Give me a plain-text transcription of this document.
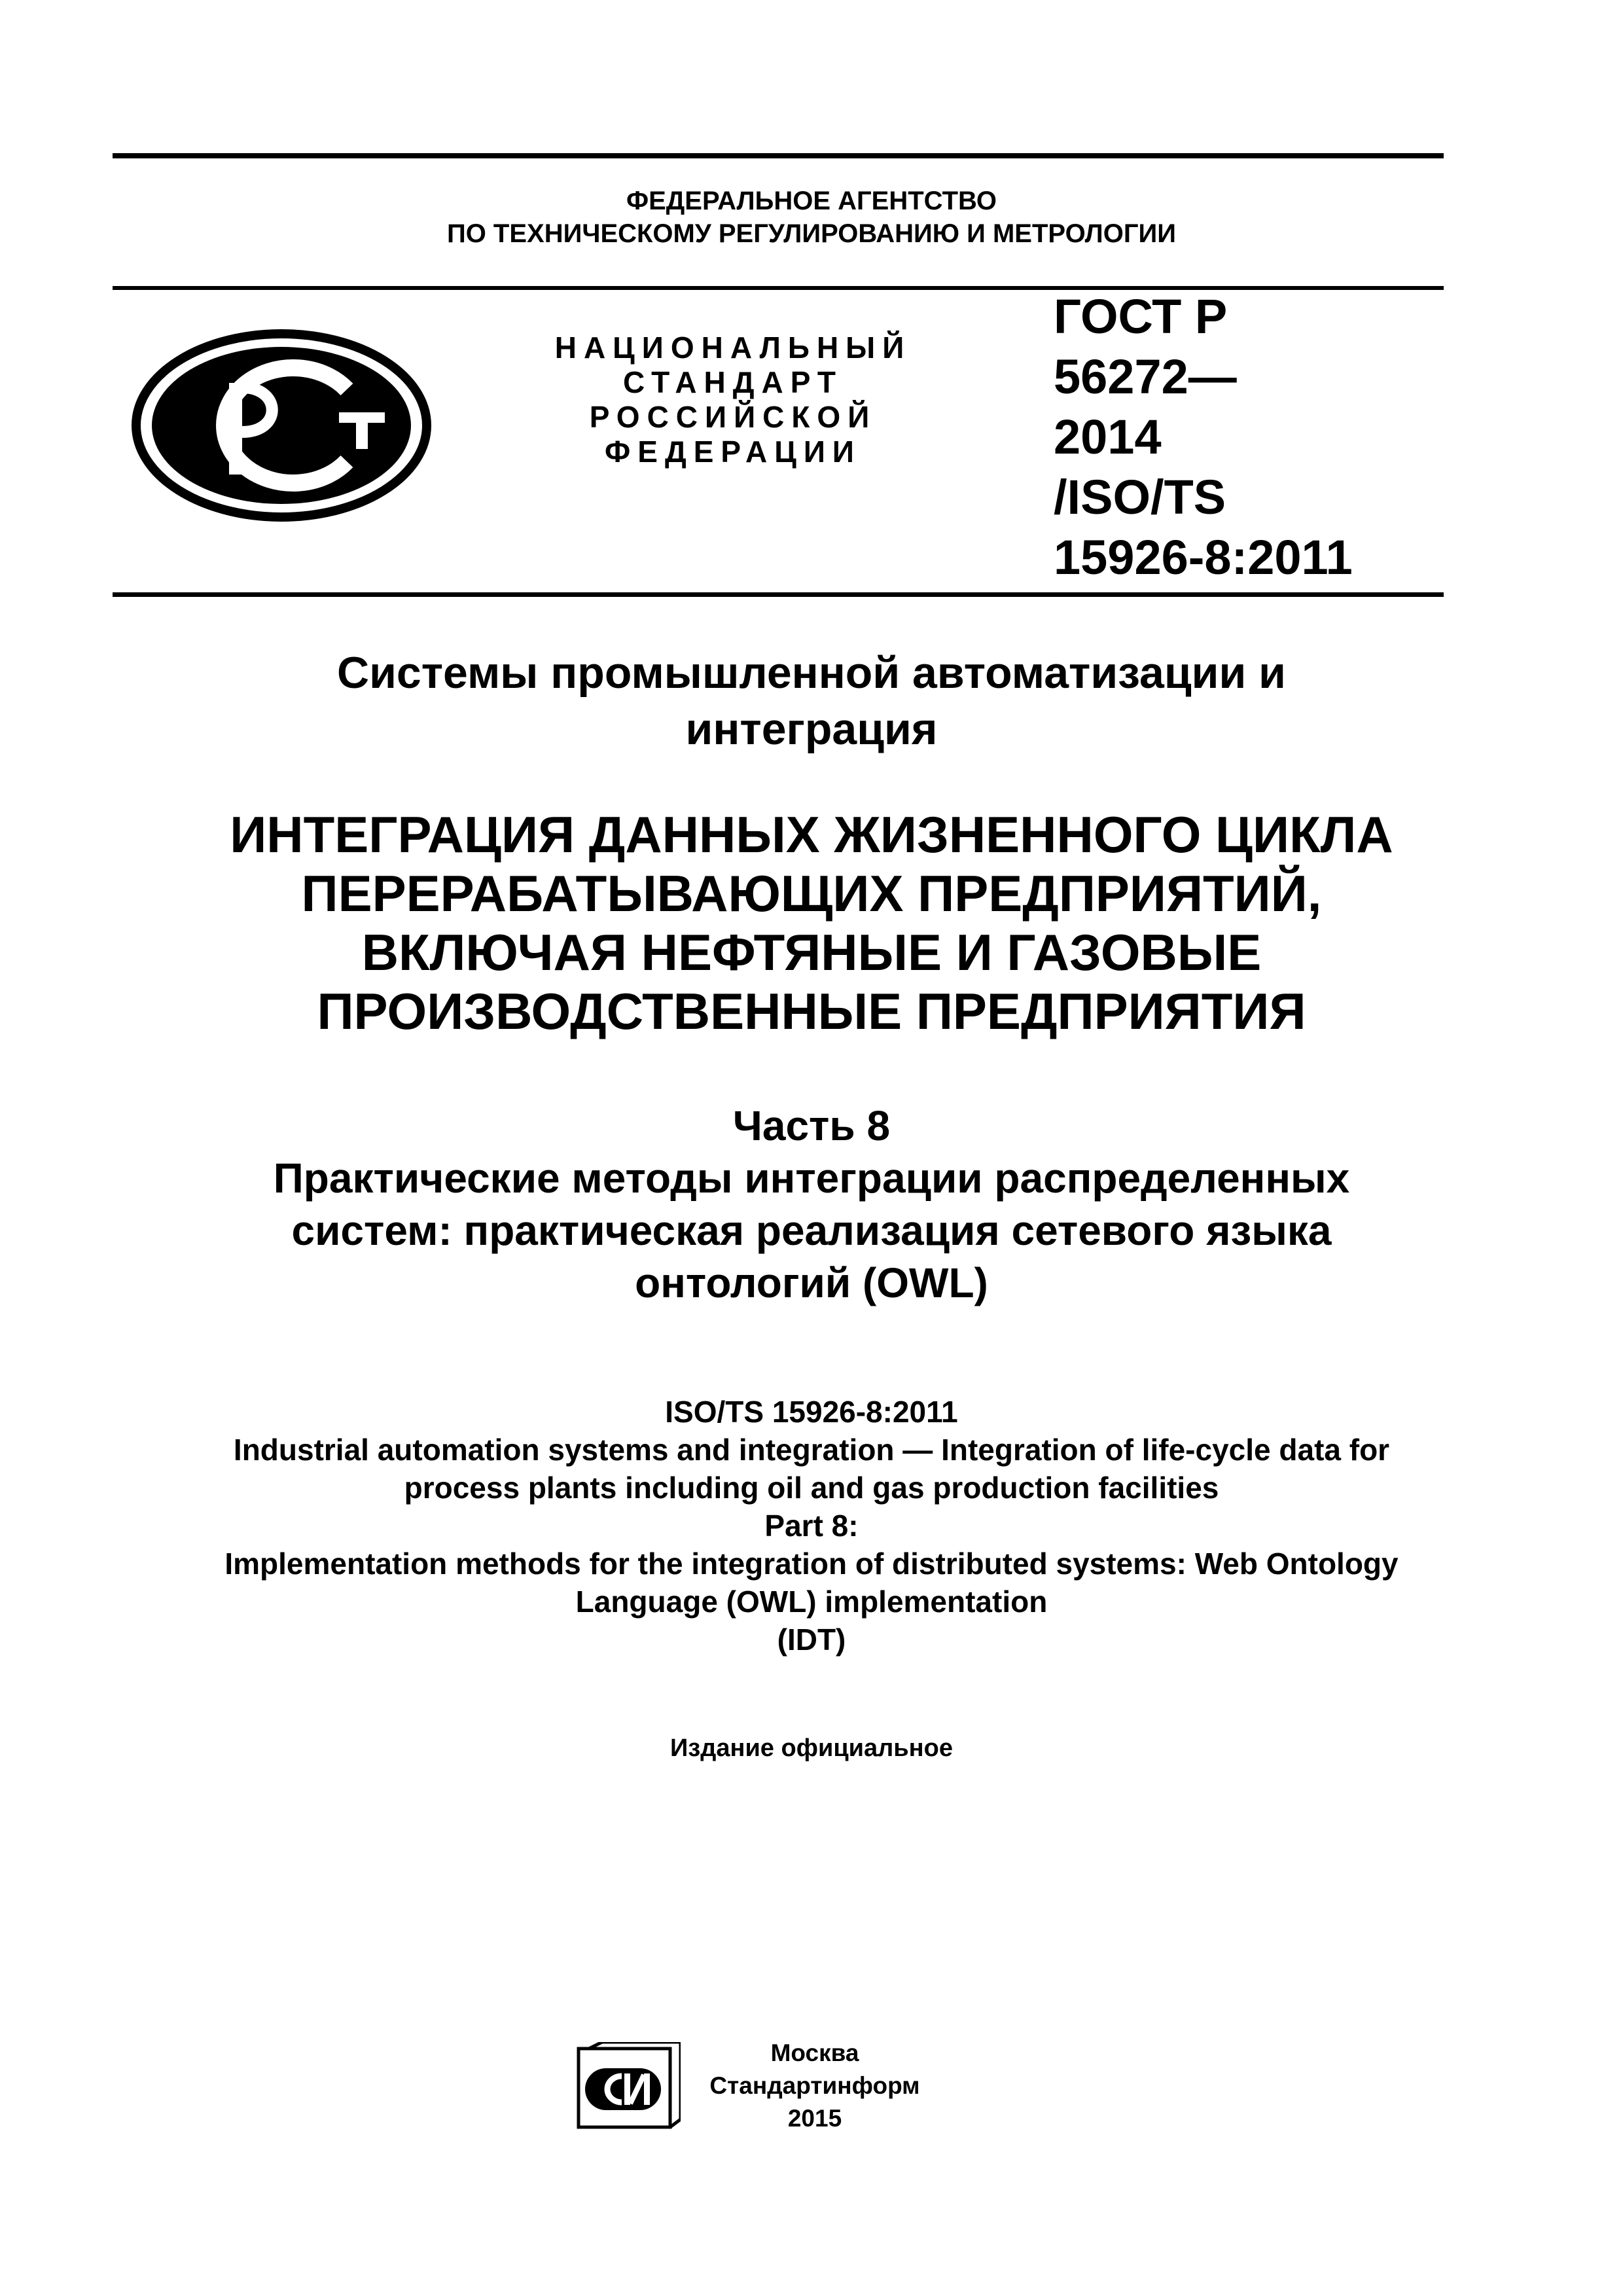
ФЕДЕРАЛЬНОЕ АГЕНТСТВО
ПО ТЕХНИЧЕСКОМУ РЕГУЛИРОВАНИЮ И МЕТРОЛОГИИ
НАЦИОНАЛЬНЫЙ
СТАНДАРТ
РОССИЙСКОЙ
ФЕДЕРАЦИИ
ГОСТ Р
56272—
2014
/ISO/TS
15926-8:2011
Системы промышленной автоматизации и
интеграция
ИНТЕГРАЦИЯ ДАННЫХ ЖИЗНЕННОГО ЦИКЛА
ПЕРЕРАБАТЫВАЮЩИХ ПРЕДПРИЯТИЙ,
ВКЛЮЧАЯ НЕФТЯНЫЕ И ГАЗОВЫЕ
ПРОИЗВОДСТВЕННЫЕ ПРЕДПРИЯТИЯ
Часть 8
Практические методы интеграции распределенных
систем: практическая реализация сетевого языка
онтологий (OWL)
ISO/TS 15926-8:2011
Industrial automation systems and integration — Integration of life-cycle data for
process plants including oil and gas production facilities
Part 8:
Implementation methods for the integration of distributed systems: Web Ontology
Language (OWL) implementation
(IDT)
Издание официальное
Москва
Стандартинформ
2015
